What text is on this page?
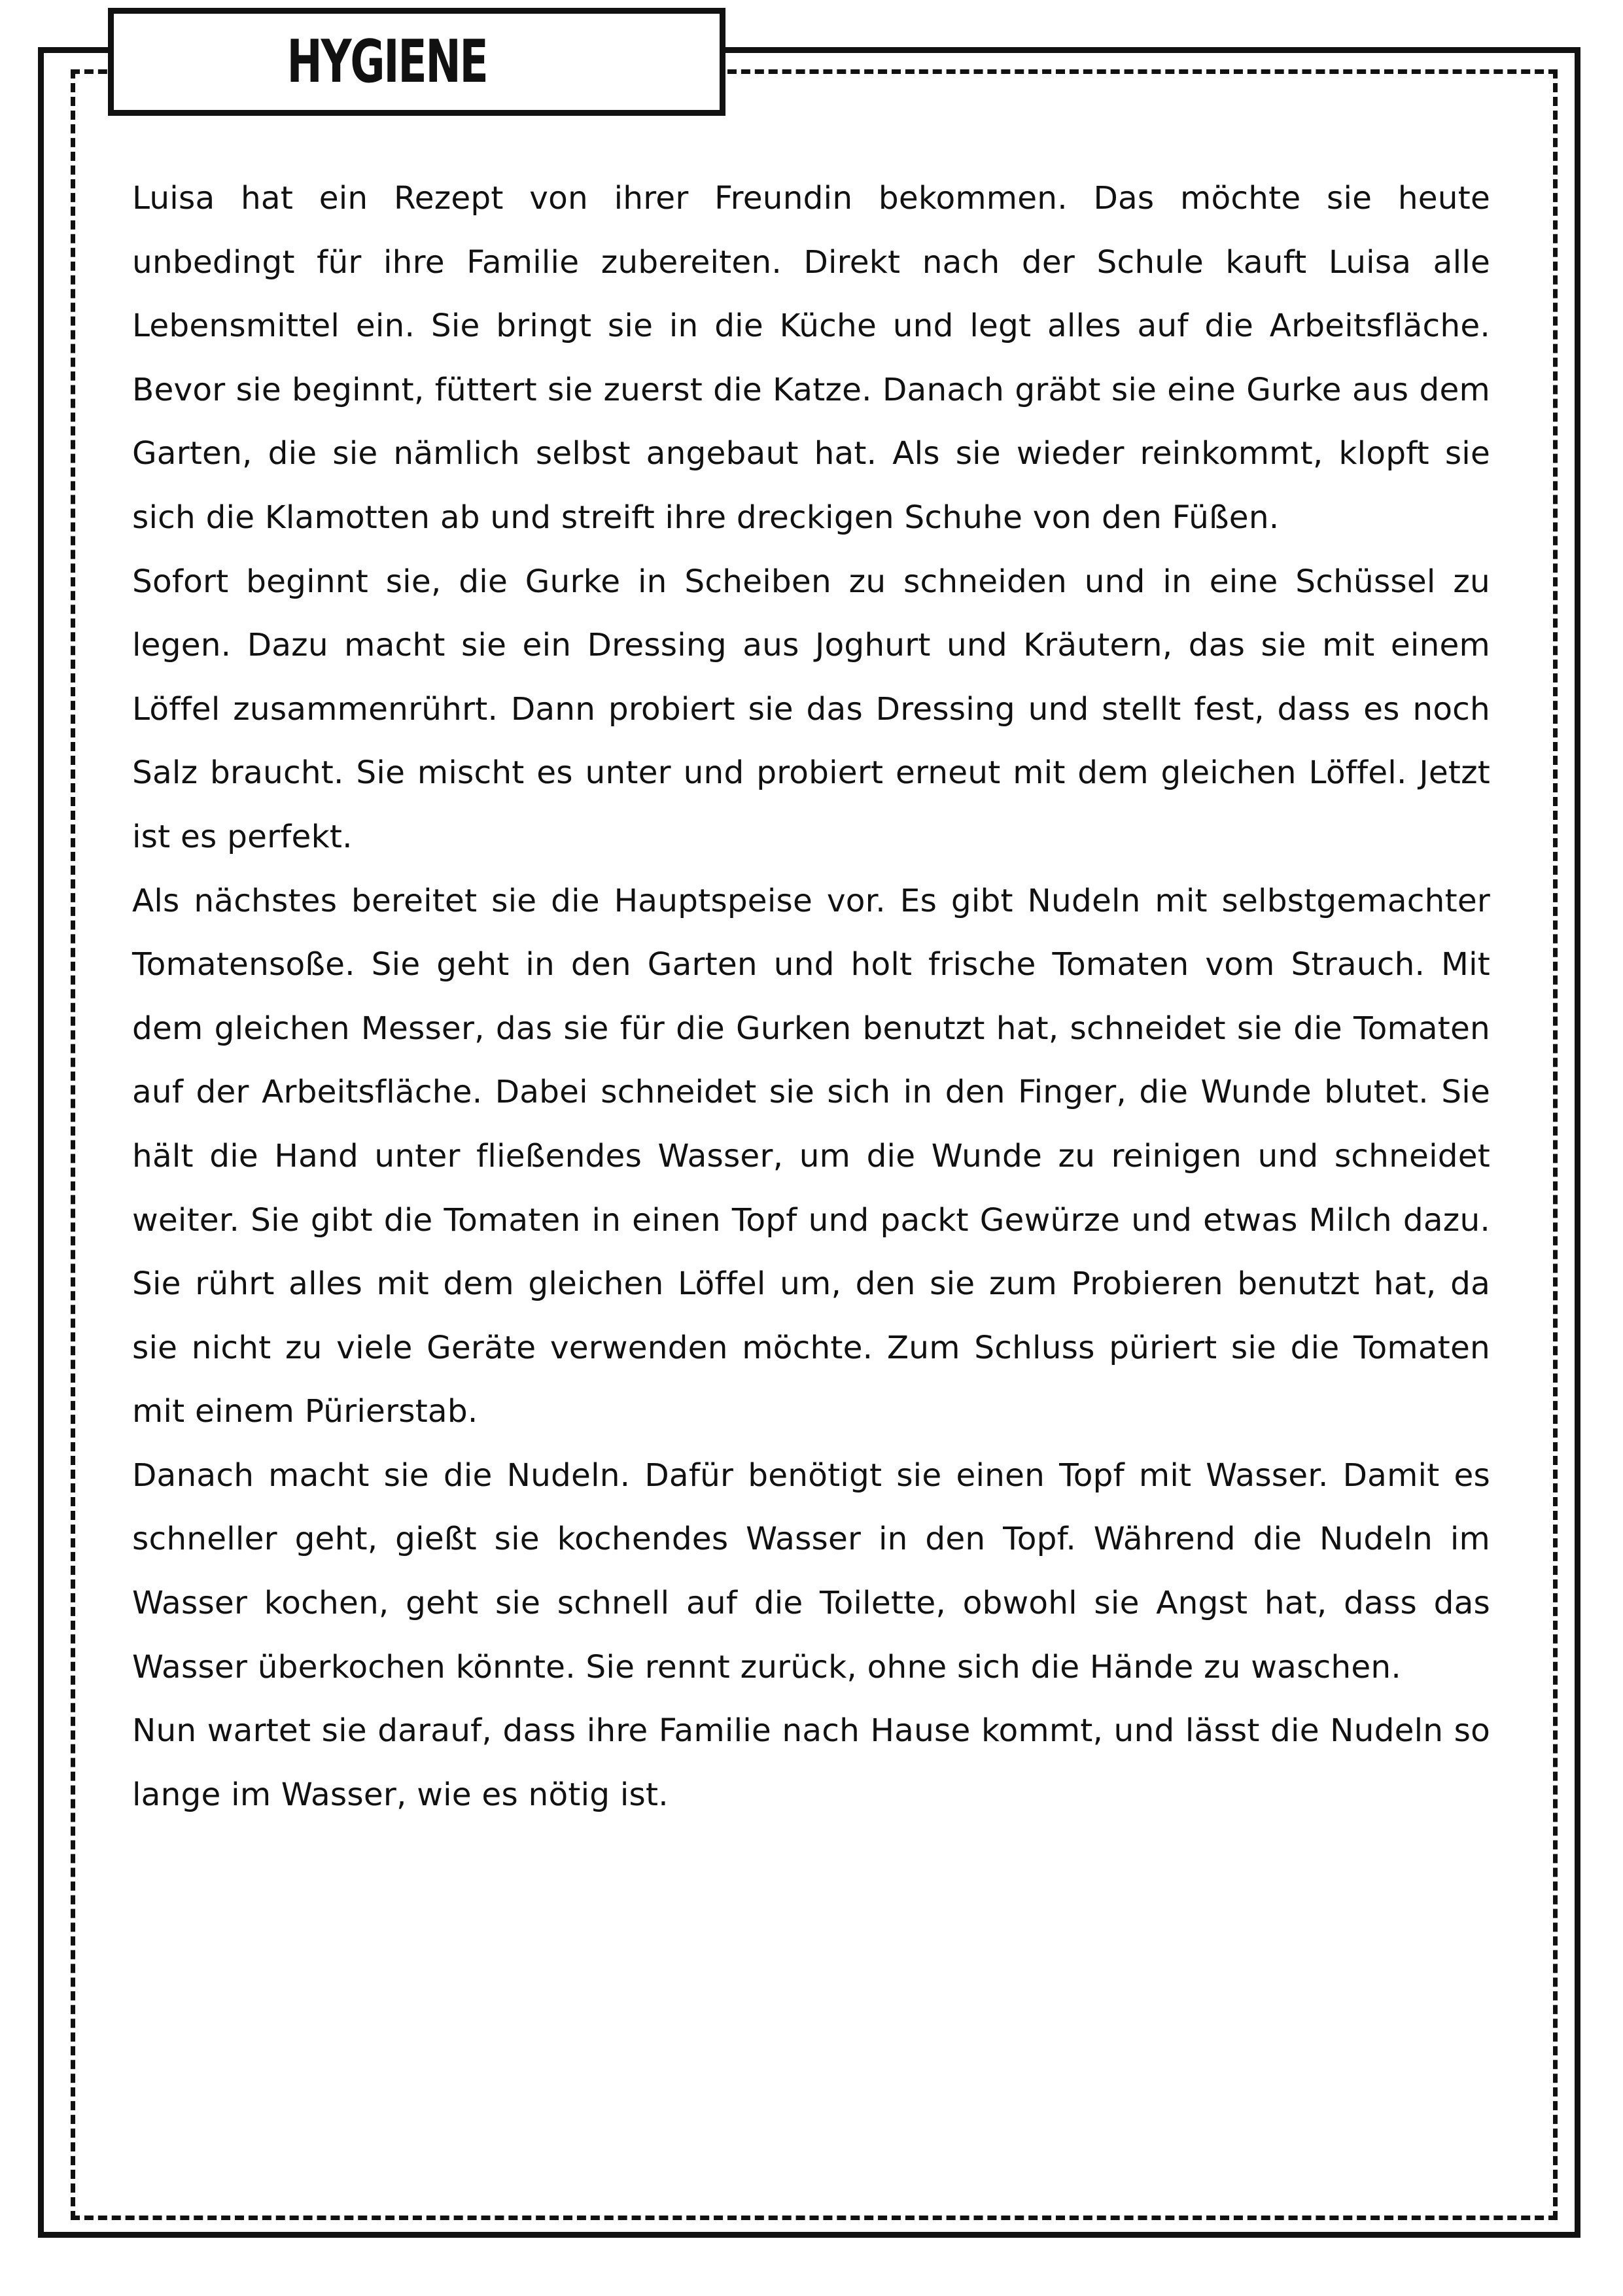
HYGIENE

Luisa hat ein Rezept von ihrer Freundin bekommen. Das möchte sie heute unbedingt für ihre Familie zubereiten. Direkt nach der Schule kauft Luisa alle Lebensmittel ein. Sie bringt sie in die Küche und legt alles auf die Arbeitsfläche. Bevor sie beginnt, füttert sie zuerst die Katze. Danach gräbt sie eine Gurke aus dem Garten, die sie nämlich selbst angebaut hat. Als sie wieder reinkommt, klopft sie sich die Klamotten ab und streift ihre dreckigen Schuhe von den Füßen.

Sofort beginnt sie, die Gurke in Scheiben zu schneiden und in eine Schüssel zu legen. Dazu macht sie ein Dressing aus Joghurt und Kräutern, das sie mit einem Löffel zusammenrührt. Dann probiert sie das Dressing und stellt fest, dass es noch Salz braucht. Sie mischt es unter und probiert erneut mit dem gleichen Löffel. Jetzt ist es perfekt.

Als nächstes bereitet sie die Hauptspeise vor. Es gibt Nudeln mit selbstgemachter Tomatensoße. Sie geht in den Garten und holt frische Tomaten vom Strauch. Mit dem gleichen Messer, das sie für die Gurken benutzt hat, schneidet sie die Tomaten auf der Arbeitsfläche. Dabei schneidet sie sich in den Finger, die Wunde blutet. Sie hält die Hand unter fließendes Wasser, um die Wunde zu reinigen und schneidet weiter. Sie gibt die Tomaten in einen Topf und packt Gewürze und etwas Milch dazu. Sie rührt alles mit dem gleichen Löffel um, den sie zum Probieren benutzt hat, da sie nicht zu viele Geräte verwenden möchte. Zum Schluss püriert sie die Tomaten mit einem Pürierstab.

Danach macht sie die Nudeln. Dafür benötigt sie einen Topf mit Wasser. Damit es schneller geht, gießt sie kochendes Wasser in den Topf. Während die Nudeln im Wasser kochen, geht sie schnell auf die Toilette, obwohl sie Angst hat, dass das Wasser überkochen könnte. Sie rennt zurück, ohne sich die Hände zu waschen.

Nun wartet sie darauf, dass ihre Familie nach Hause kommt, und lässt die Nudeln so lange im Wasser, wie es nötig ist.
